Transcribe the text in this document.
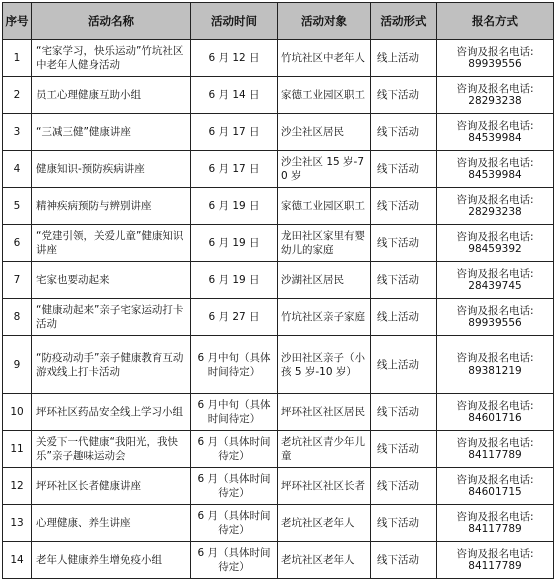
序号	活动名称	活动时间	活动对象	活动形式	报名方式
1	“宅家学习，快乐运动”竹坑社区中老年人健身活动	6 月 12 日	竹坑社区中老年人	线上活动	咨询及报名电话:
89939556

2	员工心理健康互助小组	6 月 14 日	家德工业园区职工	线下活动	咨询及报名电话:
28293238

3	“三减三健”健康讲座	6 月 17 日	沙尘社区居民	线下活动	咨询及报名电话:
84539984

4	健康知识-预防疾病讲座	6 月 17 日	沙尘社区 15 岁-70 岁	线下活动	咨询及报名电话:
84539984

5	精神疾病预防与辨别讲座	6 月 19 日	家德工业园区职工	线下活动	咨询及报名电话:
28293238

6	“党建引领，关爱儿童”健康知识讲座	6 月 19 日	龙田社区家里有婴幼儿的家庭	线下活动	咨询及报名电话:
98459392

7	宅家也要动起来	6 月 19 日	沙湖社区居民	线下活动	咨询及报名电话:
28439745

8	“健康动起来”亲子宅家运动打卡活动	6 月 27 日	竹坑社区亲子家庭	线上活动	咨询及报名电话:
89939556

9	“防疫动动手”亲子健康教育互动游戏线上打卡活动	6 月中旬（具体时间待定）	沙田社区亲子（小孩 5 岁-10 岁）	线上活动	咨询及报名电话:
89381219

10	坪环社区药品安全线上学习小组	6 月中旬（具体时间待定）	坪环社区社区居民	线下活动	咨询及报名电话:
84601716

11	关爱下一代健康“我阳光，我快乐”亲子趣味运动会	6 月（具体时间待定）	老坑社区青少年儿童	线下活动	咨询及报名电话:
84117789

12	坪环社区长者健康讲座	6 月（具体时间待定）	坪环社区社区长者	线下活动	咨询及报名电话:
84601715

13	心理健康、养生讲座	6 月（具体时间待定）	老坑社区老年人	线下活动	咨询及报名电话:
84117789

14	老年人健康养生增免疫小组	6 月（具体时间待定）	老坑社区老年人	线下活动	咨询及报名电话:
84117789
